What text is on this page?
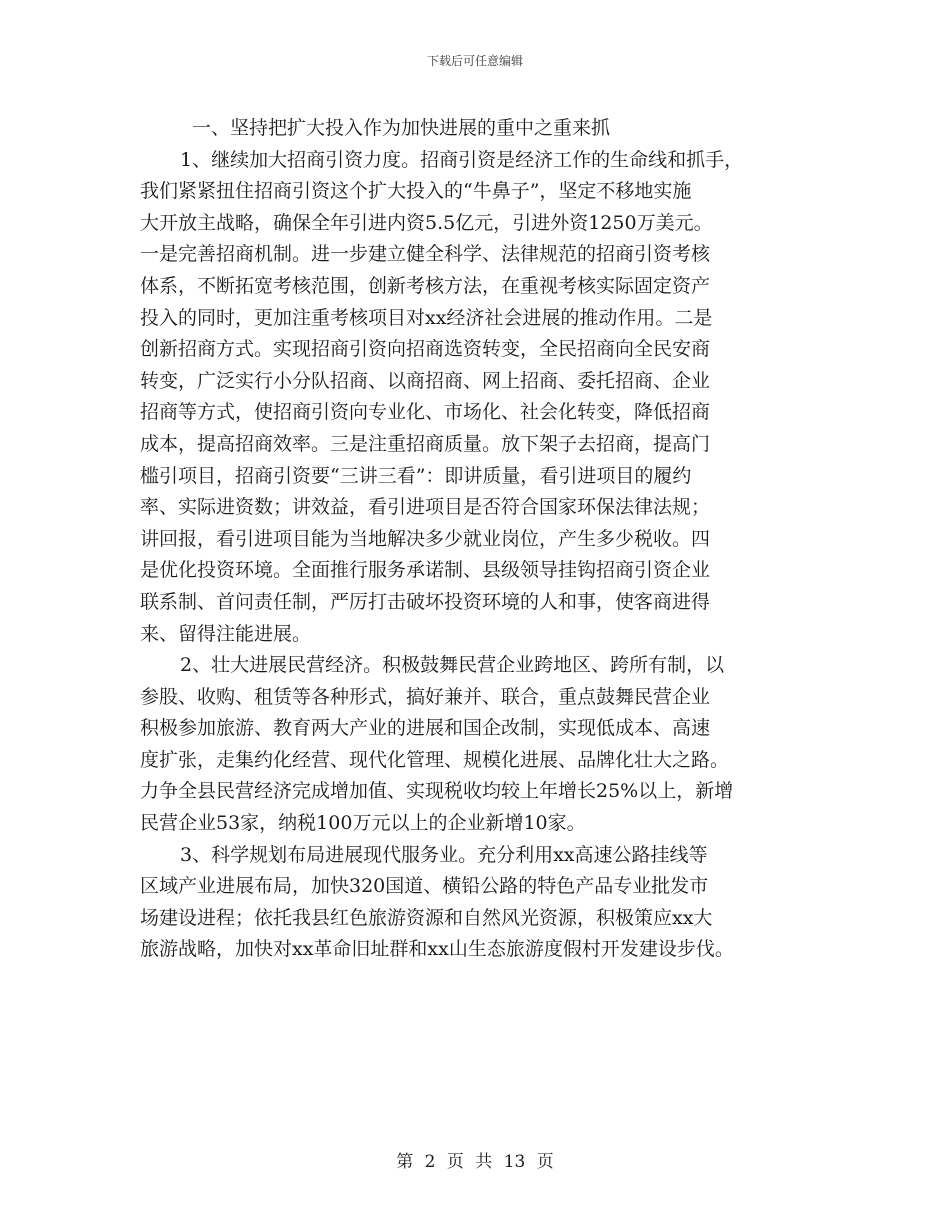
下载后可任意编辑
一、坚持把扩大投入作为加快进展的重中之重来抓
1、继续加大招商引资力度。招商引资是经济工作的生命线和抓手，
我们紧紧扭住招商引资这个扩大投入的“牛鼻子”，坚定不移地实施
大开放主战略，确保全年引进内资5.5亿元，引进外资1250万美元。
一是完善招商机制。进一步建立健全科学、法律规范的招商引资考核
体系，不断拓宽考核范围，创新考核方法，在重视考核实际固定资产
投入的同时，更加注重考核项目对xx经济社会进展的推动作用。二是
创新招商方式。实现招商引资向招商选资转变，全民招商向全民安商
转变，广泛实行小分队招商、以商招商、网上招商、委托招商、企业
招商等方式，使招商引资向专业化、市场化、社会化转变，降低招商
成本，提高招商效率。三是注重招商质量。放下架子去招商，提高门
槛引项目，招商引资要“三讲三看”：即讲质量，看引进项目的履约
率、实际进资数；讲效益，看引进项目是否符合国家环保法律法规；
讲回报，看引进项目能为当地解决多少就业岗位，产生多少税收。四
是优化投资环境。全面推行服务承诺制、县级领导挂钩招商引资企业
联系制、首问责任制，严厉打击破坏投资环境的人和事，使客商进得
来、留得注能进展。
2、壮大进展民营经济。积极鼓舞民营企业跨地区、跨所有制，以
参股、收购、租赁等各种形式，搞好兼并、联合，重点鼓舞民营企业
积极参加旅游、教育两大产业的进展和国企改制，实现低成本、高速
度扩张，走集约化经营、现代化管理、规模化进展、品牌化壮大之路。
力争全县民营经济完成增加值、实现税收均较上年增长25%以上，新增
民营企业53家，纳税100万元以上的企业新增10家。
3、科学规划布局进展现代服务业。充分利用xx高速公路挂线等
区域产业进展布局，加快320国道、横铅公路的特色产品专业批发市
场建设进程；依托我县红色旅游资源和自然风光资源，积极策应xx大
旅游战略，加快对xx革命旧址群和xx山生态旅游度假村开发建设步伐。
第 2 页 共 13 页
